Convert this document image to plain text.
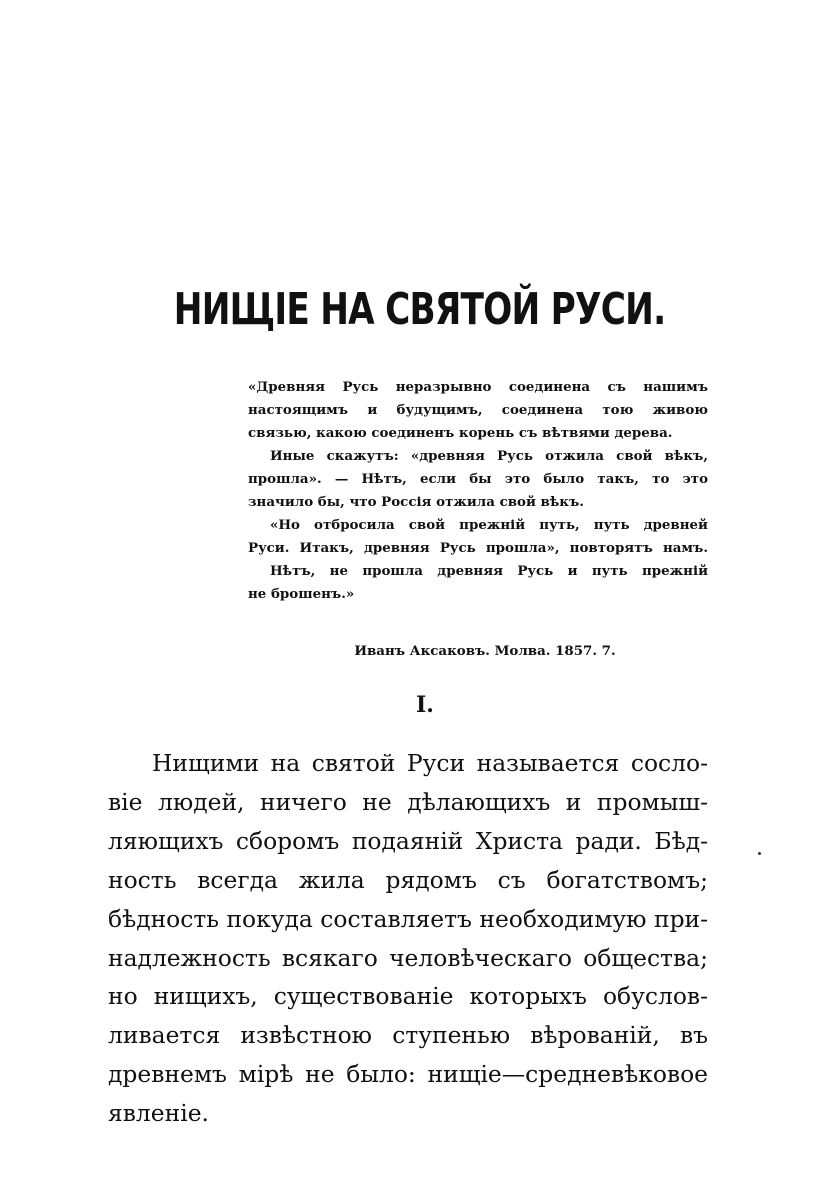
НИЩІЕ НА СВЯТОЙ РУСИ.

«Древняя Русь неразрывно соединена съ нашимъ

настоящимъ и будущимъ, соединена тою живою

связью, какою соединенъ корень съ вѣтвями дерева.

Иные скажутъ: «древняя Русь отжила свой вѣкъ,

прошла». — Нѣтъ, если бы это было такъ, то это

значило бы, что Россія отжила свой вѣкъ.

«Но отбросила свой прежній путь, путь древней

Руси. Итакъ, древняя Русь прошла», повторятъ намъ.

Нѣтъ, не прошла древняя Русь и путь прежній

не брошенъ.»

Иванъ Аксаковъ. Молва. 1857. 7.
I.
Нищими на святой Руси называется сосло-
віе людей, ничего не дѣлающихъ и промыш-
ляющихъ сборомъ подаяній Христа ради. Бѣд-
ность всегда жила рядомъ съ богатствомъ;
бѣдность покуда составляетъ необходимую при-
надлежность всякаго человѣческаго общества;
но нищихъ, существованіе которыхъ обуслов-
ливается извѣстною ступенью вѣрованій, въ
древнемъ мірѣ не было: нищіе—средневѣковое
явленіе.
